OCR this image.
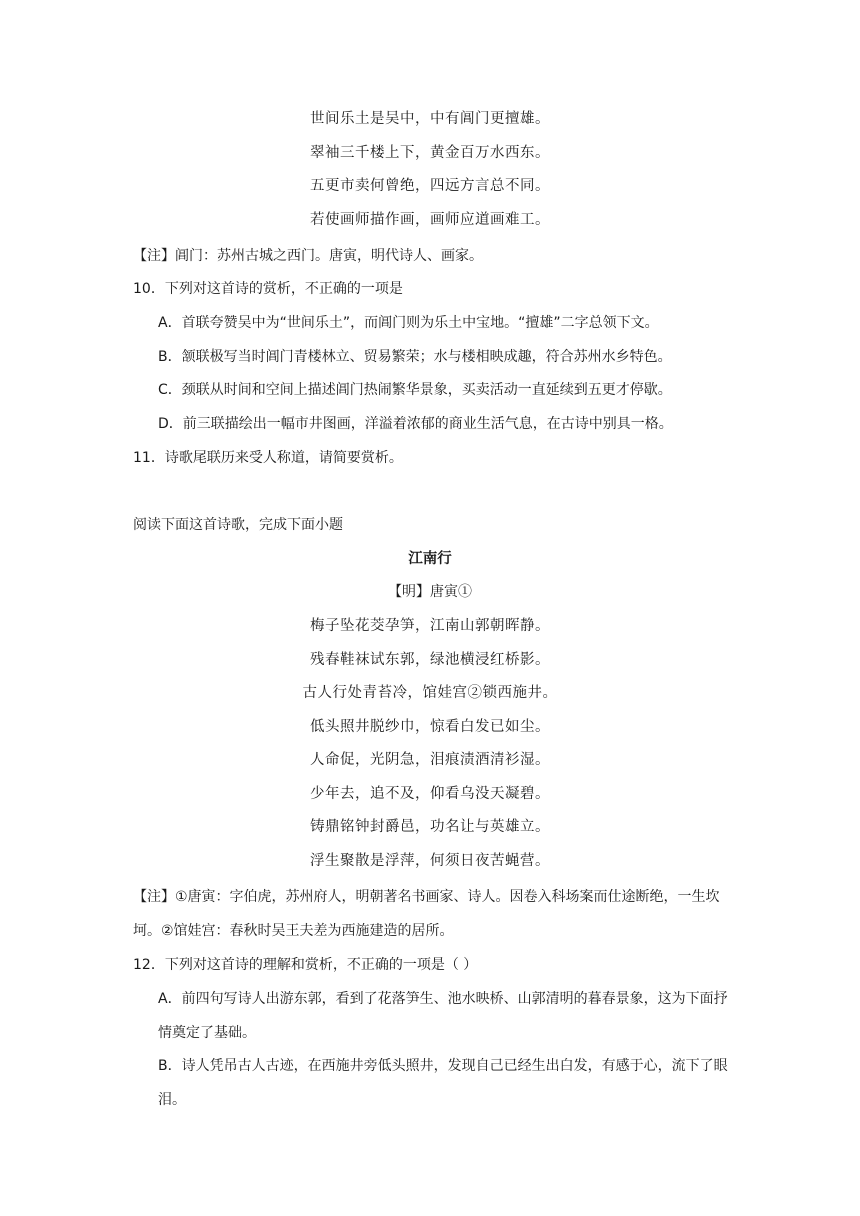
世间乐土是吴中，中有阊门更擅雄。
翠袖三千楼上下，黄金百万水西东。
五更市卖何曾绝，四远方言总不同。
若使画师描作画，画师应道画难工。
【注】阊门：苏州古城之西门。唐寅，明代诗人、画家。
10．下列对这首诗的赏析，不正确的一项是
A．首联夸赞吴中为“世间乐土”，而阊门则为乐土中宝地。“擅雄”二字总领下文。
B．颔联极写当时阊门青楼林立、贸易繁荣；水与楼相映成趣，符合苏州水乡特色。
C．颈联从时间和空间上描述阊门热闹繁华景象，买卖活动一直延续到五更才停歇。
D．前三联描绘出一幅市井图画，洋溢着浓郁的商业生活气息，在古诗中别具一格。
11．诗歌尾联历来受人称道，请简要赏析。
阅读下面这首诗歌，完成下面小题
江南行
【明】唐寅①
梅子坠花茭孕笋，江南山郭朝晖静。
残春鞋袜试东郭，绿池横浸红桥影。
古人行处青苔冷，馆娃宫②锁西施井。
低头照井脱纱巾，惊看白发已如尘。
人命促，光阴急，泪痕渍酒清衫湿。
少年去，追不及，仰看乌没天凝碧。
铸鼎铭钟封爵邑，功名让与英雄立。
浮生聚散是浮萍，何须日夜苦蝇营。
【注】①唐寅：字伯虎，苏州府人，明朝著名书画家、诗人。因卷入科场案而仕途断绝，一生坎坷。②馆娃宫：春秋时吴王夫差为西施建造的居所。
12．下列对这首诗的理解和赏析，不正确的一项是（ ）
A．前四句写诗人出游东郭，看到了花落笋生、池水映桥、山郭清明的暮春景象，这为下面抒情奠定了基础。
B．诗人凭吊古人古迹，在西施井旁低头照井，发现自己已经生出白发，有感于心，流下了眼泪。
